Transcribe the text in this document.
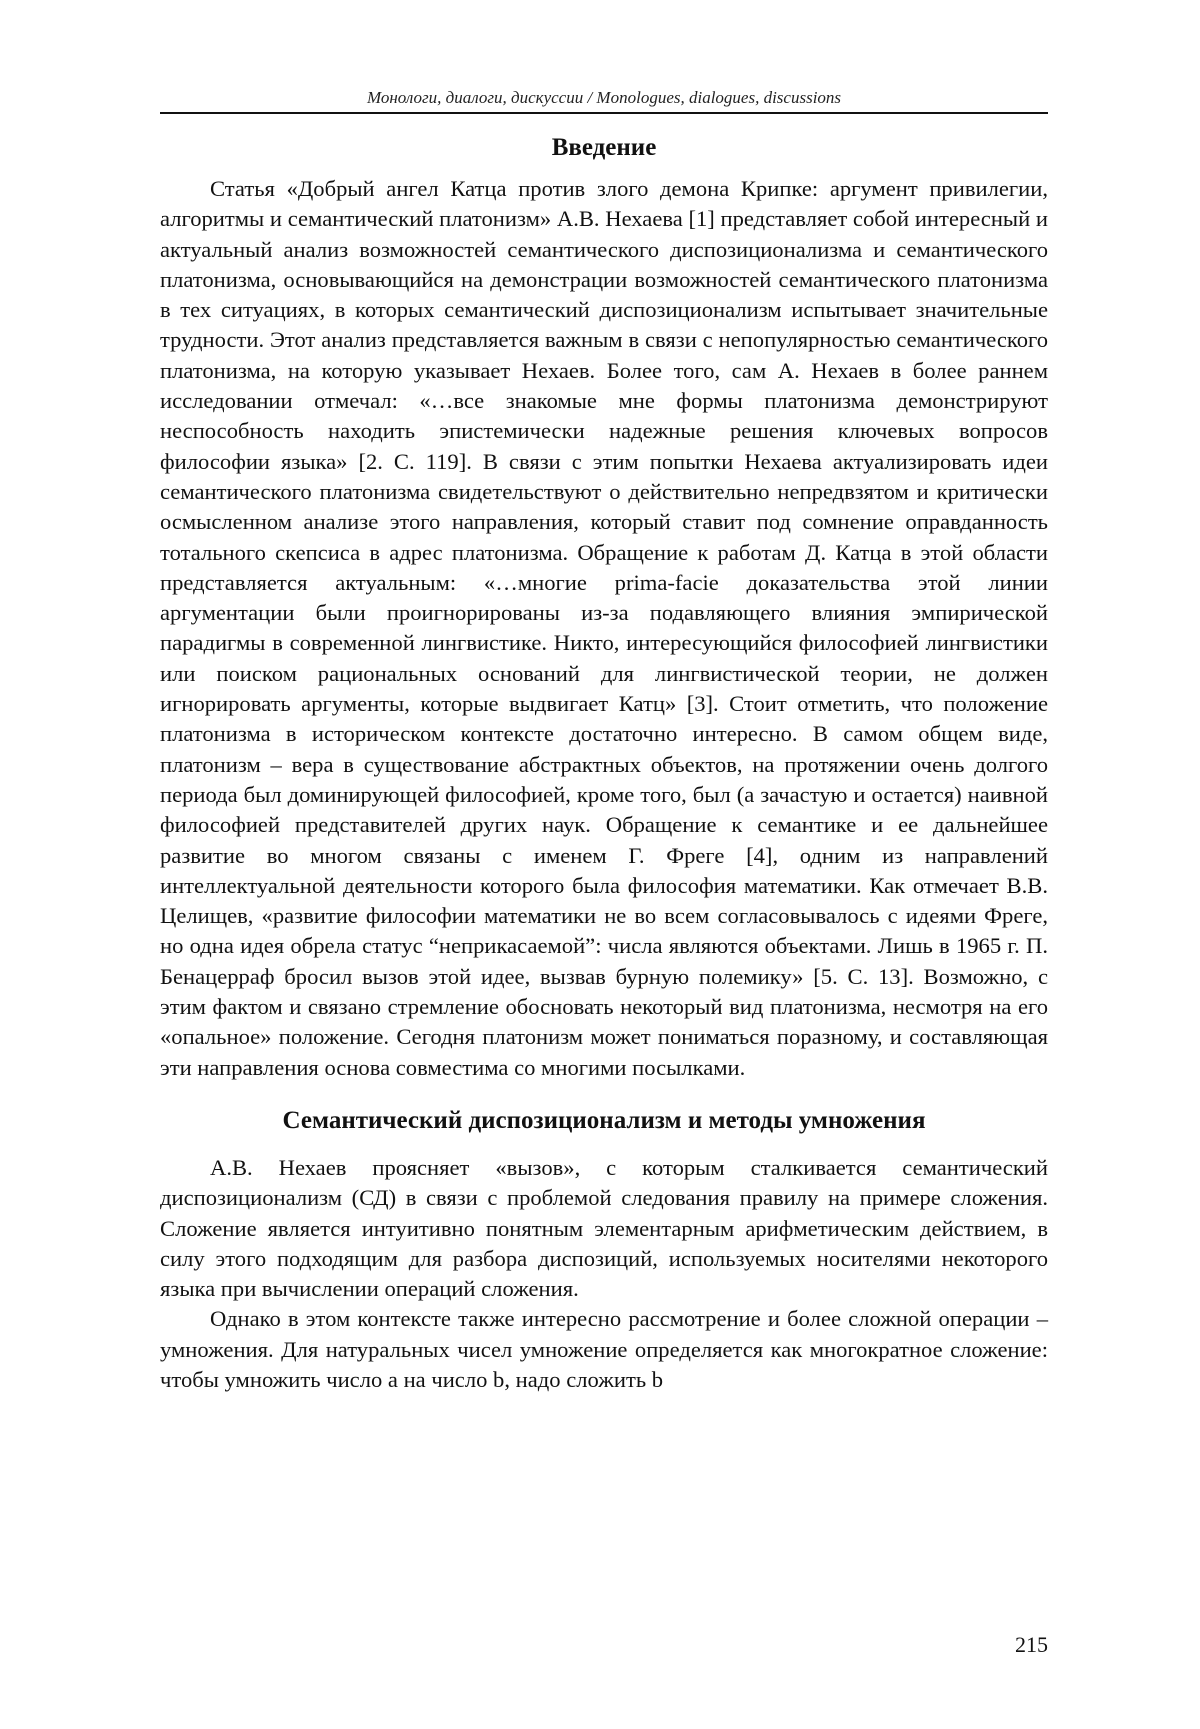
Монологи, диалоги, дискуссии / Monologues, dialogues, discussions
Введение

Статья «Добрый ангел Катца против злого демона Крипке: аргумент привилегии, алгоритмы и семантический платонизм» А.В. Нехаева [1] представляет собой интересный и актуальный анализ возможностей семантического диспозиционализма и семантического платонизма, основывающийся на демонстрации возможностей семантического платонизма в тех ситуациях, в которых семантический диспозиционализм испытывает значительные трудности. Этот анализ представляется важным в связи с непопулярностью семантического платонизма, на которую указывает Нехаев. Более того, сам А. Нехаев в более раннем исследовании отмечал: «…все знакомые мне формы платонизма демонстрируют неспособность находить эпистемически надежные решения ключевых вопросов философии языка» [2. С. 119]. В связи с этим попытки Нехаева актуализировать идеи семантического платонизма свидетельствуют о действительно непредвзятом и критически осмысленном анализе этого направления, который ставит под сомнение оправданность тотального скепсиса в адрес платонизма. Обращение к работам Д. Катца в этой области представляется актуальным: «…многие prima-facie доказательства этой линии аргументации были проигнорированы из-за подавляющего влияния эмпирической парадигмы в современной лингвистике. Никто, интересующийся философией лингвистики или поиском рациональных оснований для лингвистической теории, не должен игнорировать аргументы, которые выдвигает Катц» [3]. Стоит отметить, что положение платонизма в историческом контексте достаточно интересно. В самом общем виде, платонизм – вера в существование абстрактных объектов, на протяжении очень долгого периода был доминирующей философией, кроме того, был (а зачастую и остается) наивной философией представителей других наук. Обращение к семантике и ее дальнейшее развитие во многом связаны с именем Г. Фреге [4], одним из направлений интеллектуальной деятельности которого была философия математики. Как отмечает В.В. Целищев, «развитие философии математики не во всем согласовывалось с идеями Фреге, но одна идея обрела статус “неприкасаемой”: числа являются объектами. Лишь в 1965 г. П. Бенацерраф бросил вызов этой идее, вызвав бурную полемику» [5. С. 13]. Возможно, с этим фактом и связано стремление обосновать некоторый вид платонизма, несмотря на его «опальное» положение. Сегодня платонизм может пониматься поразному, и составляющая эти направления основа совместима со многими посылками.

Семантический диспозиционализм и методы умножения

А.В. Нехаев проясняет «вызов», с которым сталкивается семантический диспозиционализм (СД) в связи с проблемой следования правилу на примере сложения. Сложение является интуитивно понятным элементарным арифметическим действием, в силу этого подходящим для разбора диспозиций, используемых носителями некоторого языка при вычислении операций сложения.

Однако в этом контексте также интересно рассмотрение и более сложной операции – умножения. Для натуральных чисел умножение определяется как многократное сложение: чтобы умножить число a на число b, надо сложить b

215
